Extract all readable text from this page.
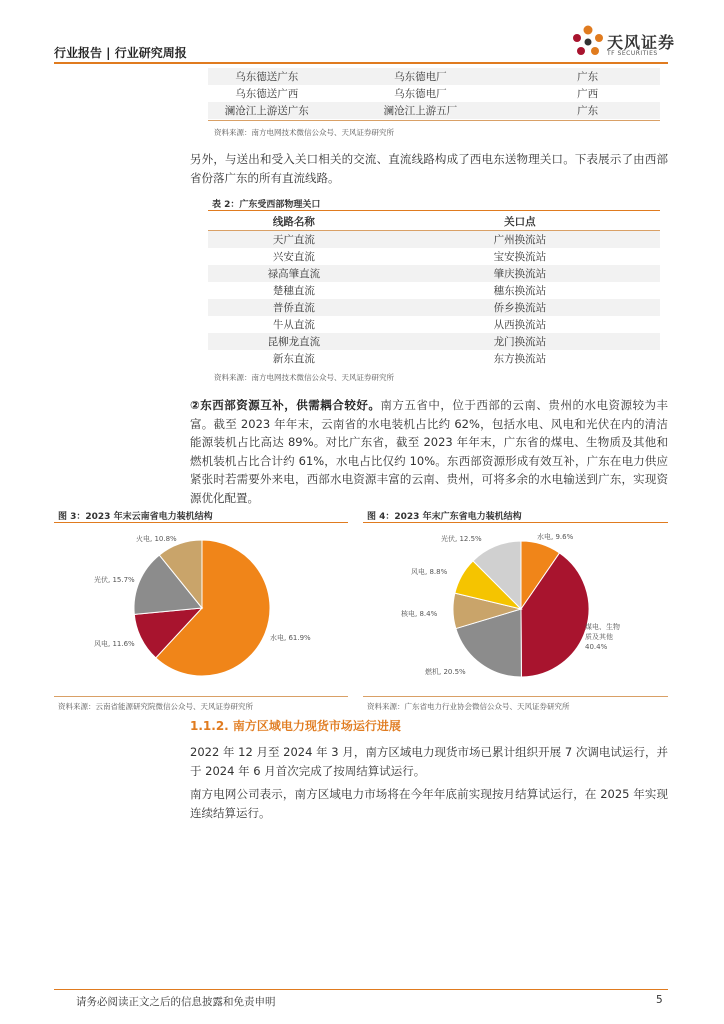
行业报告 | 行业研究周报
天风证券
TF SECURITIES
乌东德送广东	乌东德电厂	广东
乌东德送广西	乌东德电厂	广西
澜沧江上游送广东	澜沧江上游五厂	广东
资料来源：南方电网技术微信公众号、天风证券研究所
另外，与送出和受入关口相关的交流、直流线路构成了西电东送物理关口。下表展示了由西部省份落广东的所有直流线路。
表 2：广东受西部物理关口
线路名称	关口点
天广直流	广州换流站
兴安直流	宝安换流站
禄高肇直流	肇庆换流站
楚穗直流	穗东换流站
普侨直流	侨乡换流站
牛从直流	从西换流站
昆柳龙直流	龙门换流站
新东直流	东方换流站
资料来源：南方电网技术微信公众号、天风证券研究所
②东西部资源互补，供需耦合较好。南方五省中，位于西部的云南、贵州的水电资源较为丰富。截至 2023 年年末，云南省的水电装机占比约 62%，包括水电、风电和光伏在内的清洁能源装机占比高达 89%。对比广东省，截至 2023 年年末，广东省的煤电、生物质及其他和燃机装机占比合计约 61%，水电占比仅约 10%。东西部资源形成有效互补，广东在电力供应紧张时若需要外来电，西部水电资源丰富的云南、贵州，可将多余的水电输送到广东，实现资源优化配置。
图 3：2023 年末云南省电力装机结构
水电, 61.9%
风电, 11.6%
光伏, 15.7%
火电, 10.8%
资料来源：云南省能源研究院微信公众号、天风证券研究所
图 4：2023 年末广东省电力装机结构
水电, 9.6%
煤电、生物
质及其他
40.4%
燃机, 20.5%
核电, 8.4%
风电, 8.8%
光伏, 12.5%
资料来源：广东省电力行业协会微信公众号、天风证券研究所
1.1.2. 南方区域电力现货市场运行进展
2022 年 12 月至 2024 年 3 月，南方区域电力现货市场已累计组织开展 7 次调电试运行，并于 2024 年 6 月首次完成了按周结算试运行。
南方电网公司表示，南方区域电力市场将在今年年底前实现按月结算试运行，在 2025 年实现连续结算运行。
请务必阅读正文之后的信息披露和免责申明	5
